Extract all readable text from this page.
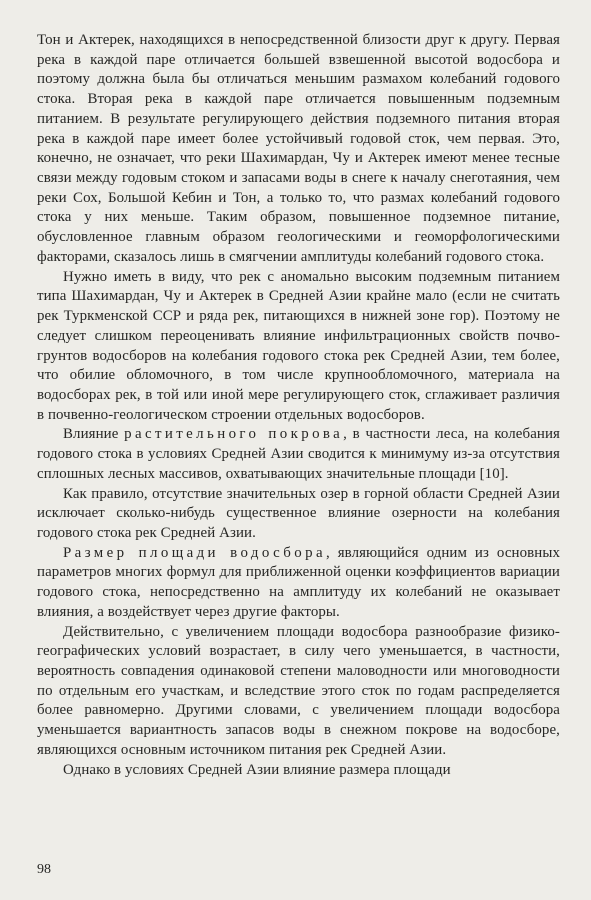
Тон и Актерек, находящихся в непосредственной близости друг к другу. Первая река в каждой паре отличается большей взвешенной высотой водосбора и поэтому должна была бы отличаться меньшим размахом колебаний годового стока. Вторая река в каждой паре отличается повышенным подземным питанием. В результате регулирующего действия подземного питания вторая река в каждой паре имеет более устойчивый годовой сток, чем первая. Это, конечно, не означает, что реки Шахимардан, Чу и Актерек имеют менее тесные связи между годовым стоком и запасами воды в снеге к началу снеготаяния, чем реки Сох, Большой Кебин и Тон, а только то, что размах колебаний годового стока у них меньше. Таким образом, повышенное подземное питание, обусловленное главным образом геологическими и геоморфологическими факторами, сказалось лишь в смягчении амплитуды колебаний годового стока.

Нужно иметь в виду, что рек с аномально высоким подземным питанием типа Шахимардан, Чу и Актерек в Средней Азии крайне мало (если не считать рек Туркменской ССР и ряда рек, питающихся в нижней зоне гор). Поэтому не следует слишком переоценивать влияние инфильтрационных свойств почво-грунтов водосборов на колебания годового стока рек Средней Азии, тем более, что обилие обломочного, в том числе крупнообломочного, материала на водосборах рек, в той или иной мере регулирующего сток, сглаживает различия в почвенно-геологическом строении отдельных водосборов.

Влияние растительного покрова, в частности леса, на колебания годового стока в условиях Средней Азии сводится к минимуму из-за отсутствия сплошных лесных массивов, охватывающих значительные площади [10].

Как правило, отсутствие значительных озер в горной области Средней Азии исключает сколько-нибудь существенное влияние озерности на колебания годового стока рек Средней Азии.

Размер площади водосбора, являющийся одним из основных параметров многих формул для приближенной оценки коэффициентов вариации годового стока, непосредственно на амплитуду их колебаний не оказывает влияния, а воздействует через другие факторы.

Действительно, с увеличением площади водосбора разнообразие физико-географических условий возрастает, в силу чего уменьшается, в частности, вероятность совпадения одинаковой степени маловодности или многоводности по отдельным его участкам, и вследствие этого сток по годам распределяется более равномерно. Другими словами, с увеличением площади водосбора уменьшается вариантность запасов воды в снежном покрове на водосборе, являющихся основным источником питания рек Средней Азии.

Однако в условиях Средней Азии влияние размера площади

98
